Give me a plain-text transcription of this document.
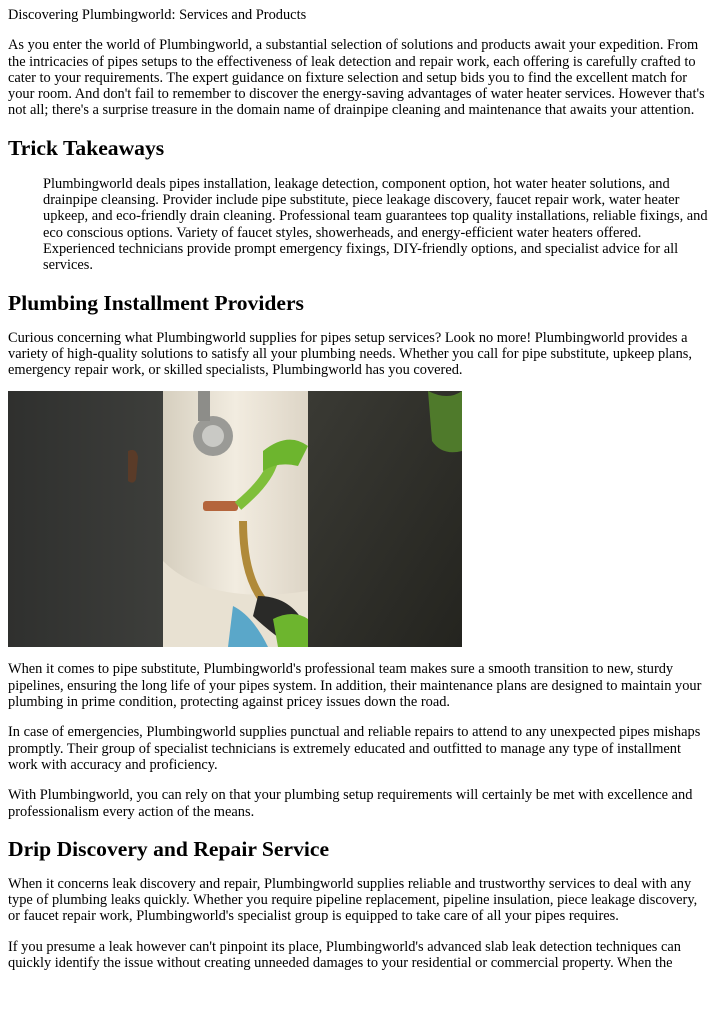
Discovering Plumbingworld: Services and Products

As you enter the world of Plumbingworld, a substantial selection of solutions and products await your expedition. From the intricacies of pipes setups to the effectiveness of leak detection and repair work, each offering is carefully crafted to cater to your requirements. The expert guidance on fixture selection and setup bids you to find the excellent match for your room. And don't fail to remember to discover the energy-saving advantages of water heater services. However that's not all; there's a surprise treasure in the domain name of drainpipe cleaning and maintenance that awaits your attention.

Trick Takeaways
Plumbingworld deals pipes installation, leakage detection, component option, hot water heater solutions, and drainpipe cleansing. Provider include pipe substitute, piece leakage discovery, faucet repair work, water heater upkeep, and eco-friendly drain cleaning. Professional team guarantees top quality installations, reliable fixings, and eco conscious options. Variety of faucet styles, showerheads, and energy-efficient water heaters offered. Experienced technicians provide prompt emergency fixings, DIY-friendly options, and specialist advice for all services.
Plumbing Installment Providers

Curious concerning what Plumbingworld supplies for pipes setup services? Look no more! Plumbingworld provides a variety of high-quality solutions to satisfy all your plumbing needs. Whether you call for pipe substitute, upkeep plans, emergency repair work, or skilled specialists, Plumbingworld has you covered.

When it comes to pipe substitute, Plumbingworld's professional team makes sure a smooth transition to new, sturdy pipelines, ensuring the long life of your pipes system. In addition, their maintenance plans are designed to maintain your plumbing in prime condition, protecting against pricey issues down the road.

In case of emergencies, Plumbingworld supplies punctual and reliable repairs to attend to any unexpected pipes mishaps promptly. Their group of specialist technicians is extremely educated and outfitted to manage any type of installment work with accuracy and proficiency.

With Plumbingworld, you can rely on that your plumbing setup requirements will certainly be met with excellence and professionalism every action of the means.

Drip Discovery and Repair Service

When it concerns leak discovery and repair, Plumbingworld supplies reliable and trustworthy services to deal with any type of plumbing leaks quickly. Whether you require pipeline replacement, pipeline insulation, piece leakage discovery, or faucet repair work, Plumbingworld's specialist group is equipped to take care of all your pipes requires.

If you presume a leak however can't pinpoint its place, Plumbingworld's advanced slab leak detection techniques can quickly identify the issue without creating unneeded damages to your residential or commercial property. When the
